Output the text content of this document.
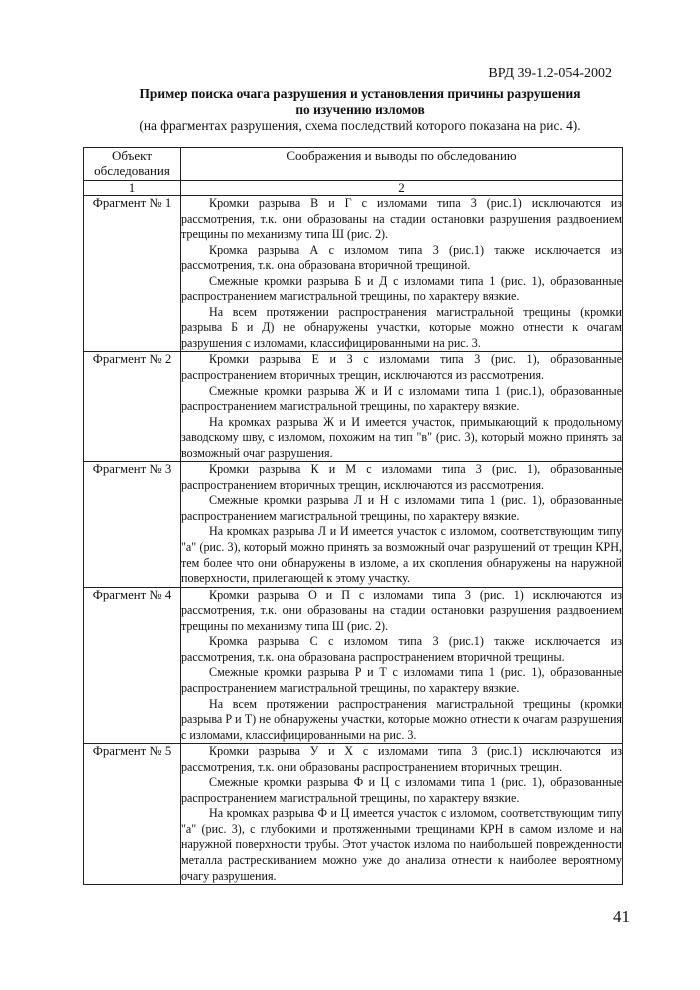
ВРД 39-1.2-054-2002
Пример поиска очага разрушения и установления причины разрушения
по изучению изломов
(на фрагментах разрушения, схема последствий которого показана на рис. 4).
Объект обследования	Соображения и выводы по обследованию
1	2
Фрагмент № 1	Кромки разрыва В и Г с изломами типа 3 (рис.1) исключаются из рассмотрения, т.к. они образованы на стадии остановки разрушения раздвоением трещины по механизму типа Ш (рис. 2).

Кромка разрыва А с изломом типа 3 (рис.1) также исключается из рассмотрения, т.к. она образована вторичной трещиной.

Смежные кромки разрыва Б и Д с изломами типа 1 (рис. 1), образованные распространением магистральной трещины, по характеру вязкие.

На всем протяжении распространения магистральной трещины (кромки разрыва Б и Д) не обнаружены участки, которые можно отнести к очагам разрушения с изломами, классифицированными на рис. 3.

Фрагмент № 2	Кромки разрыва Е и З с изломами типа 3 (рис. 1), образованные распространением вторичных трещин, исключаются из рассмотрения.

Смежные кромки разрыва Ж и И с изломами типа 1 (рис.1), образованные распространением магистральной трещины, по характеру вязкие.

На кромках разрыва Ж и И имеется участок, примыкающий к продольному заводскому шву, с изломом, похожим на тип "в" (рис. 3), который можно принять за возможный очаг разрушения.

Фрагмент № 3	Кромки разрыва К и М с изломами типа 3 (рис. 1), образованные распространением вторичных трещин, исключаются из рассмотрения.

Смежные кромки разрыва Л и Н с изломами типа 1 (рис. 1), образованные распространением магистральной трещины, по характеру вязкие.

На кромках разрыва Л и И имеется участок с изломом, соответствующим типу "а" (рис. 3), который можно принять за возможный очаг разрушений от трещин КРН, тем более что они обнаружены в изломе, а их скопления обнаружены на наружной поверхности, прилегающей к этому участку.

Фрагмент № 4	Кромки разрыва О и П с изломами типа 3 (рис. 1) исключаются из рассмотрения, т.к. они образованы на стадии остановки разрушения раздвоением трещины по механизму типа Ш (рис. 2).

Кромка разрыва С с изломом типа 3 (рис.1) также исключается из рассмотрения, т.к. она образована распространением вторичной трещины.

Смежные кромки разрыва Р и Т с изломами типа 1 (рис. 1), образованные распространением магистральной трещины, по характеру вязкие.

На всем протяжении распространения магистральной трещины (кромки разрыва Р и Т) не обнаружены участки, которые можно отнести к очагам разрушения с изломами, классифицированными на рис. 3.

Фрагмент № 5	Кромки разрыва У и Х с изломами типа 3 (рис.1) исключаются из рассмотрения, т.к. они образованы распространением вторичных трещин.

Смежные кромки разрыва Ф и Ц с изломами типа 1 (рис. 1), образованные распространением магистральной трещины, по характеру вязкие.

На кромках разрыва Ф и Ц имеется участок с изломом, соответствующим типу "а" (рис. 3), с глубокими и протяженными трещинами КРН в самом изломе и на наружной поверхности трубы. Этот участок излома по наибольшей поврежденности металла растрескиванием можно уже до анализа отнести к наиболее вероятному очагу разрушения.

41
